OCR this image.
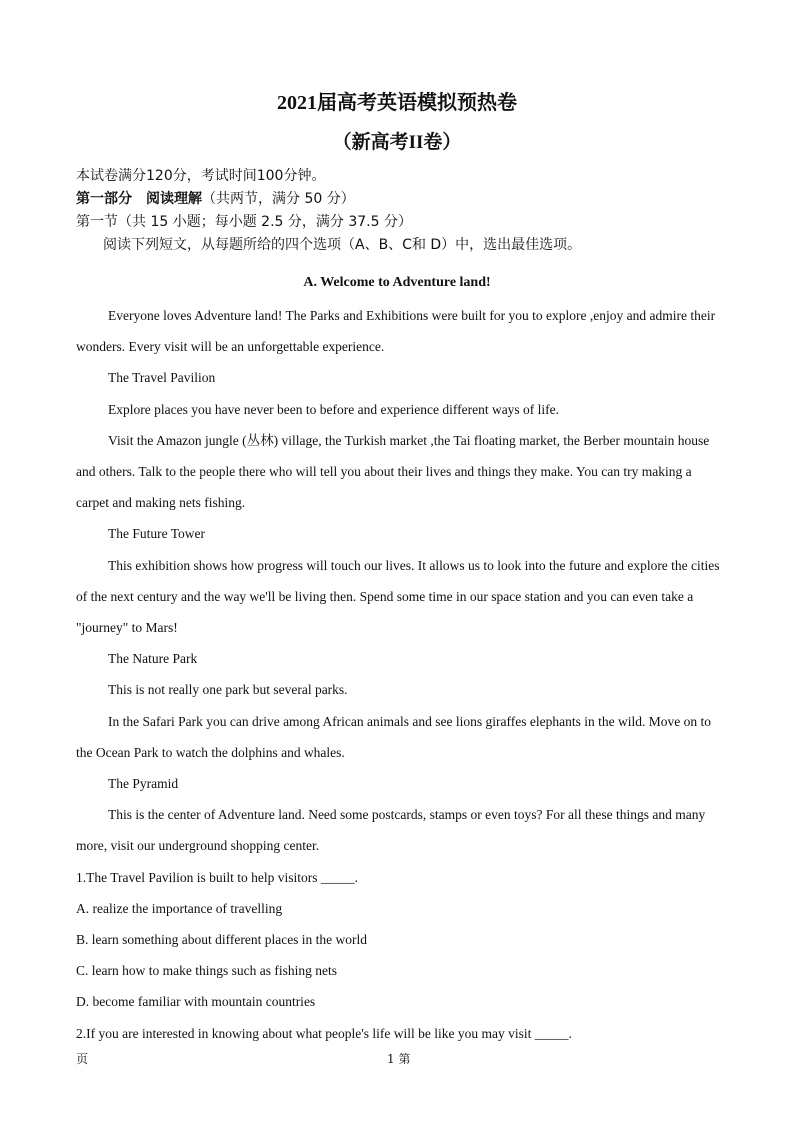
2021届高考英语模拟预热卷
（新高考II卷）
本试卷满分120分，考试时间100分钟。
第一部分　阅读理解（共两节，满分 50 分）
第一节（共 15 小题；每小题 2.5 分，满分 37.5 分）
阅读下列短文，从每题所给的四个选项（A、B、C和 D）中，选出最佳选项。
A. Welcome to Adventure land!

Everyone loves Adventure land! The Parks and Exhibitions were built for you to explore ,enjoy and admire their wonders. Every visit will be an unforgettable experience.

The Travel Pavilion

Explore places you have never been to before and experience different ways of life.

Visit the Amazon jungle (丛林) village, the Turkish market ,the Tai floating market, the Berber mountain house and others. Talk to the people there who will tell you about their lives and things they make. You can try making a carpet and making nets fishing.

The Future Tower

This exhibition shows how progress will touch our lives. It allows us to look into the future and explore the cities of the next century and the way we'll be living then. Spend some time in our space station and you can even take a "journey" to Mars!

The Nature Park

This is not really one park but several parks.

In the Safari Park you can drive among African animals and see lions giraffes elephants in the wild. Move on to the Ocean Park to watch the dolphins and whales.

The Pyramid

This is the center of Adventure land. Need some postcards, stamps or even toys? For all these things and many more, visit our underground shopping center.

1.The Travel Pavilion is built to help visitors _____.

A. realize the importance of travelling

B. learn something about different places in the world

C. learn how to make things such as fishing nets

D. become familiar with mountain countries

2.If you are interested in knowing about what people's life will be like you may visit _____.

页	1 第
